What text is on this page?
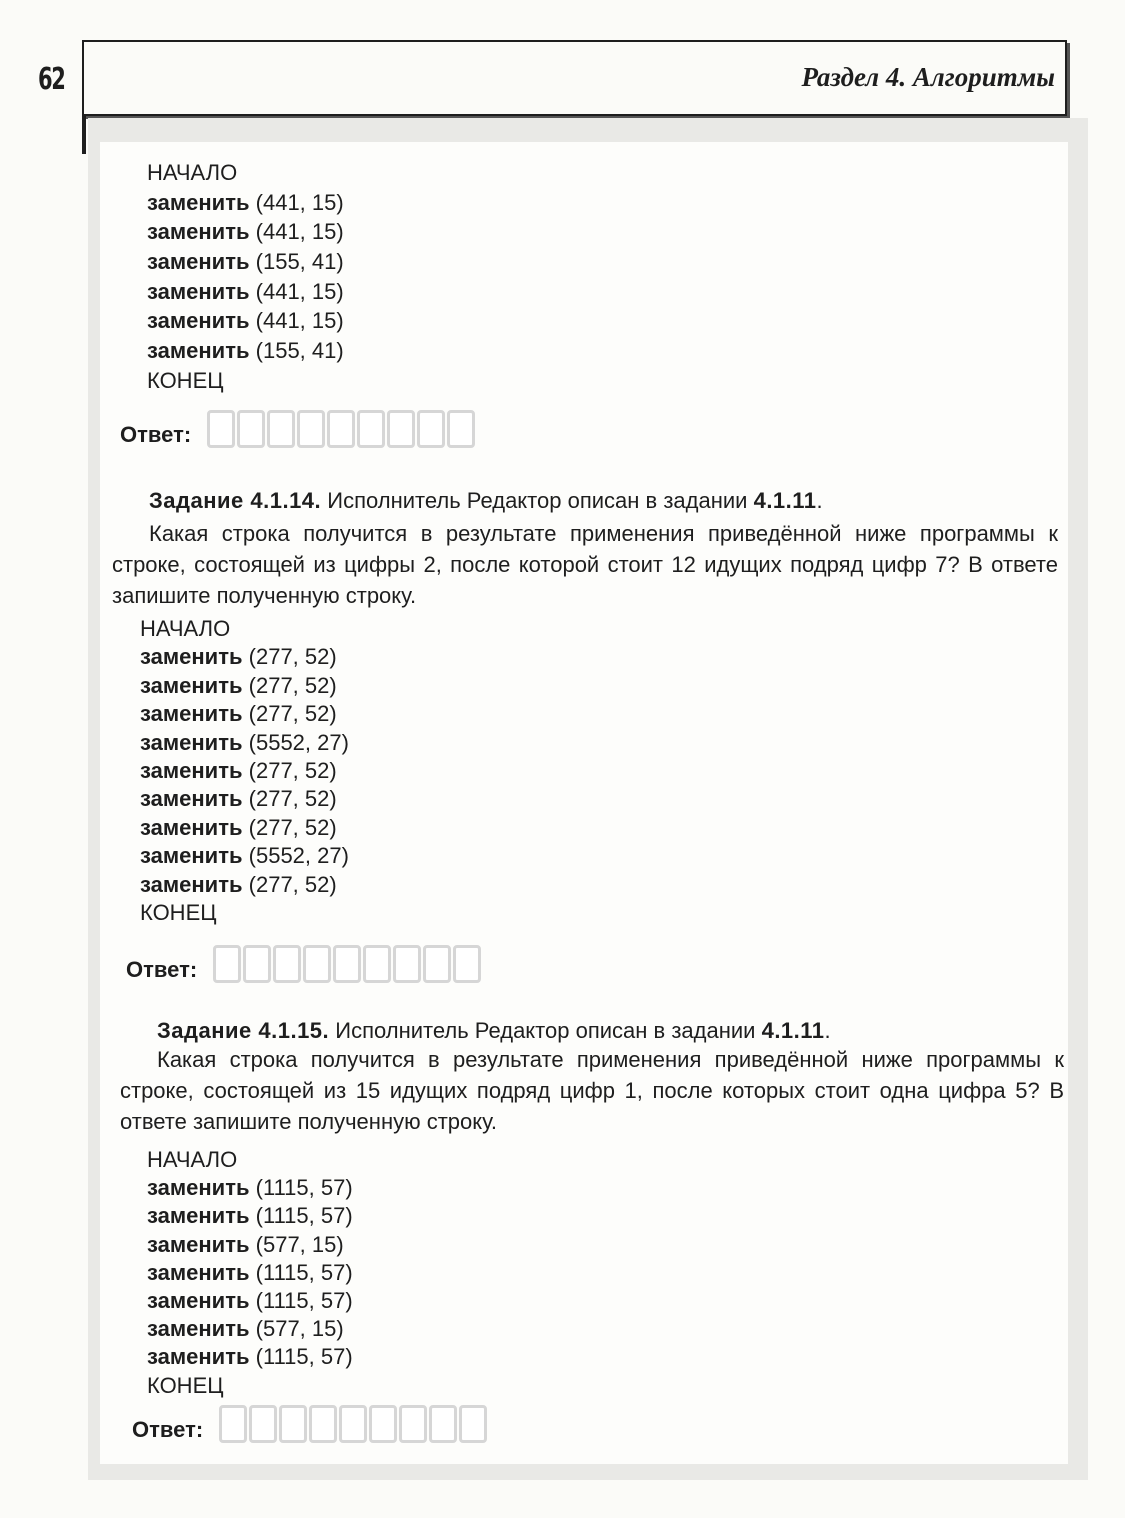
62	Раздел 4. Алгоритмы
НАЧАЛО
заменить (441, 15)
заменить (441, 15)
заменить (155, 41)
заменить (441, 15)
заменить (441, 15)
заменить (155, 41)
КОНЕЦ
Ответ:
Задание 4.1.14. Исполнитель Редактор описан в задании 4.1.11.
Какая строка получится в результате применения приведённой ниже программы к строке, состоящей из цифры 2, после которой стоит 12 идущих подряд цифр 7? В ответе запишите полученную строку.
НАЧАЛО
заменить (277, 52)
заменить (277, 52)
заменить (277, 52)
заменить (5552, 27)
заменить (277, 52)
заменить (277, 52)
заменить (277, 52)
заменить (5552, 27)
заменить (277, 52)
КОНЕЦ
Ответ:
Задание 4.1.15. Исполнитель Редактор описан в задании 4.1.11.
Какая строка получится в результате применения приведённой ниже программы к строке, состоящей из 15 идущих подряд цифр 1, после которых стоит одна цифра 5? В ответе запишите полученную строку.
НАЧАЛО
заменить (1115, 57)
заменить (1115, 57)
заменить (577, 15)
заменить (1115, 57)
заменить (1115, 57)
заменить (577, 15)
заменить (1115, 57)
КОНЕЦ
Ответ:
